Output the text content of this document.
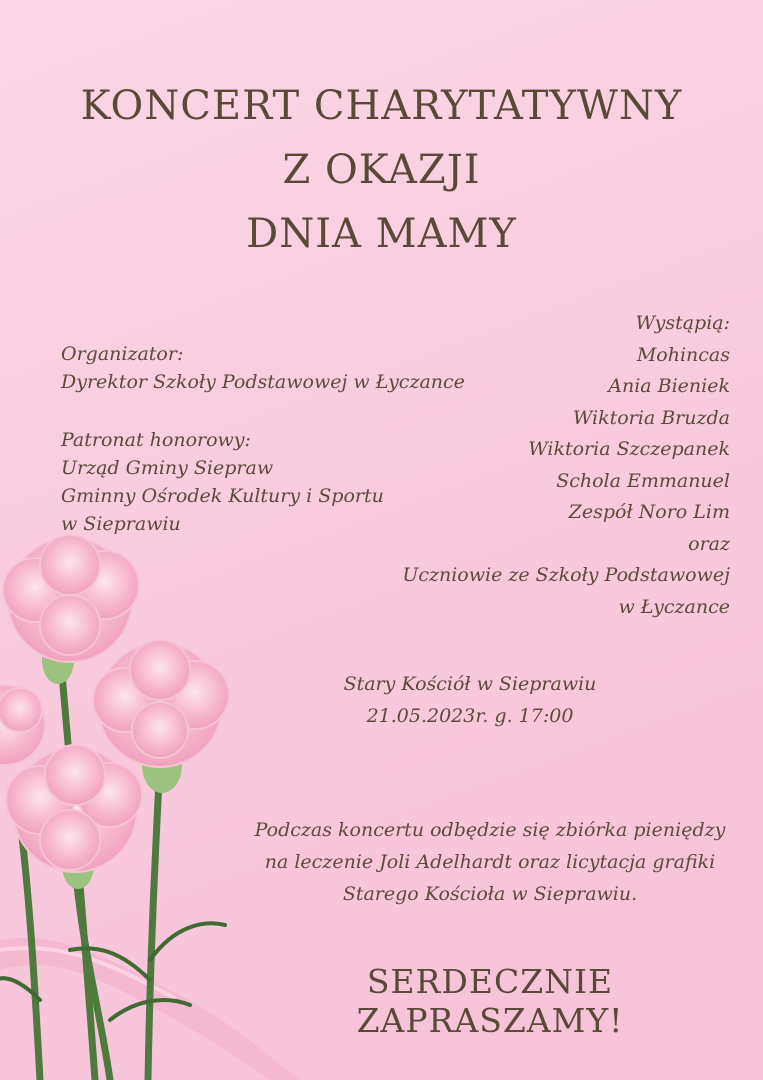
KONCERT CHARYTATYWNY
Z OKAZJI
DNIA MAMY
Organizator:
Dyrektor Szkoły Podstawowej w Łyczance
Patronat honorowy:
Urząd Gminy Siepraw
Gminny Ośrodek Kultury i Sportu
w Sieprawiu
Wystąpią:
Mohincas
Ania Bieniek
Wiktoria Bruzda
Wiktoria Szczepanek
Schola Emmanuel
Zespół Noro Lim
oraz
Uczniowie ze Szkoły Podstawowej
w Łyczance
Stary Kościół w Sieprawiu
21.05.2023r. g. 17:00
Podczas koncertu odbędzie się zbiórka pieniędzy
na leczenie Joli Adelhardt oraz licytacja grafiki
Starego Kościoła w Sieprawiu.
SERDECZNIE ZAPRASZAMY!
